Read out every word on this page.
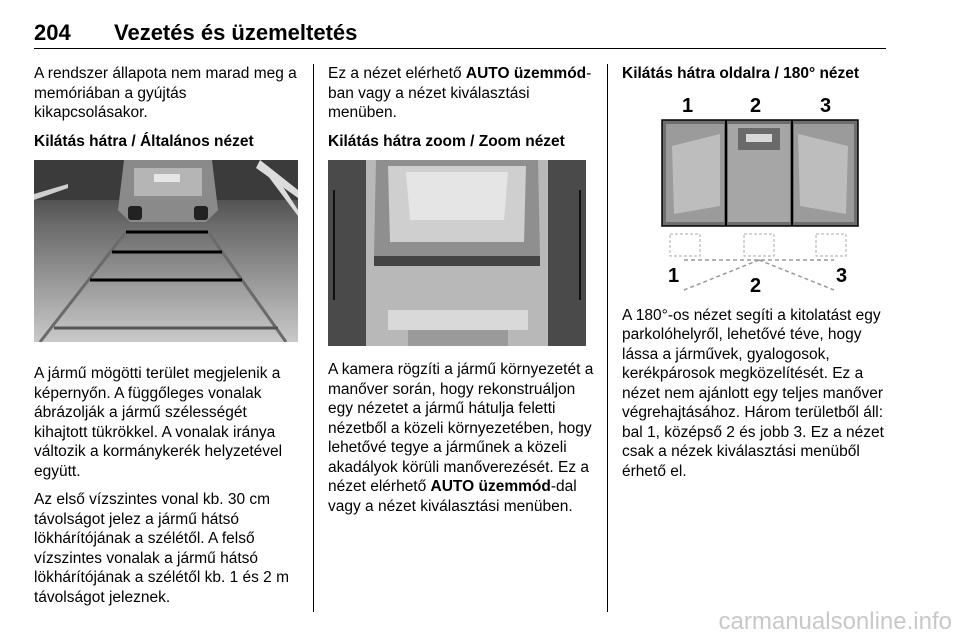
204 Vezetés és üzemeltetés

A rendszer állapota nem marad meg a memóriában a gyújtás kikapcsolásakor.

Kilátás hátra / Általános nézet

A jármű mögötti terület megjelenik a képernyőn. A függőleges vonalak ábrázolják a jármű szélességét kihajtott tükrökkel. A vonalak iránya változik a kormánykerék helyzetével együtt.

Az első vízszintes vonal kb. 30 cm távolságot jelez a jármű hátsó lökhárítójának a szélétől. A felső vízszintes vonalak a jármű hátsó lökhárítójának a szélétől kb. 1 és 2 m távolságot jeleznek.

Ez a nézet elérhető AUTO üzemmód-ban vagy a nézet kiválasztási menüben.

Kilátás hátra zoom / Zoom nézet

A kamera rögzíti a jármű környezetét a manőver során, hogy rekonstruáljon egy nézetet a jármű hátulja feletti nézetből a közeli környezetében, hogy lehetővé tegye a járműnek a közeli akadályok körüli manőverezését. Ez a nézet elérhető AUTO üzemmód-dal vagy a nézet kiválasztási menüben.

Kilátás hátra oldalra / 180° nézet

1	2	3
1	2	3

A 180°-os nézet segíti a kitolatást egy parkolóhelyről, lehetővé téve, hogy lássa a járművek, gyalogosok, kerékpárosok megközelítését. Ez a nézet nem ajánlott egy teljes manőver végrehajtásához. Három területből áll: bal 1, középső 2 és jobb 3. Ez a nézet csak a nézek kiválasztási menüből érhető el.

carmanualsonline.info
